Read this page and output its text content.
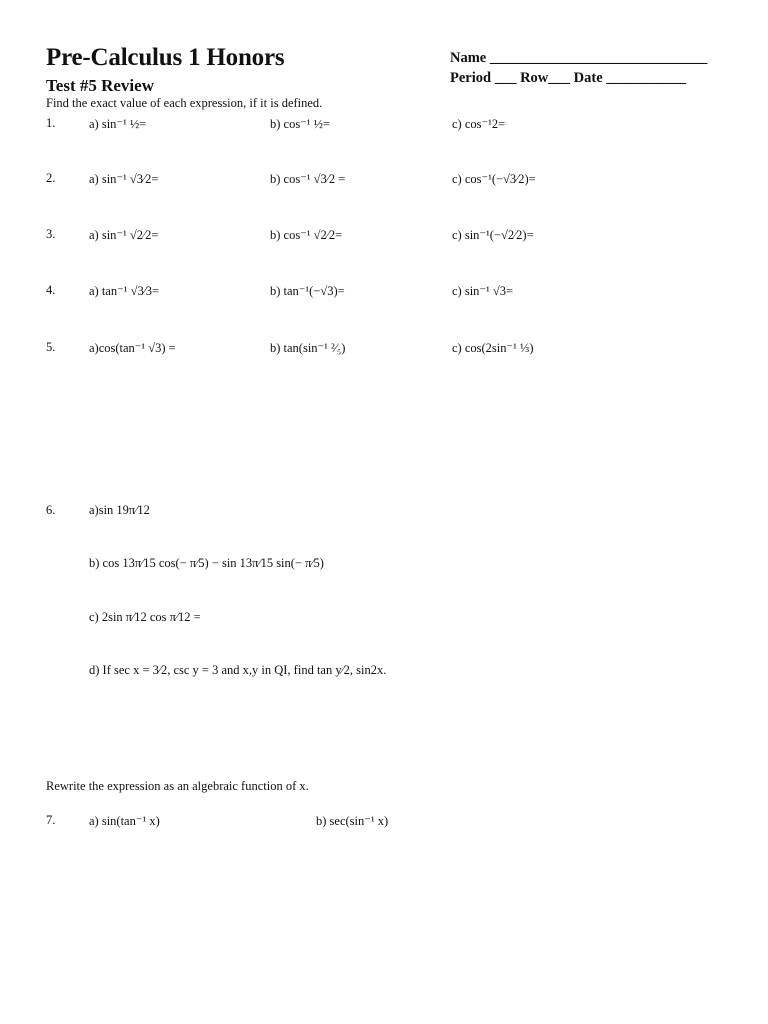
Pre-Calculus 1 Honors
Test #5 Review
Name ______________________________
Period ___ Row___ Date ___________
Find the exact value of each expression, if it is defined.
1.	a) sin⁻¹ ½=	b) cos⁻¹ ½=	c) cos⁻¹2=
2.	a) sin⁻¹ √3⁄2=	b) cos⁻¹ √3⁄2 =	c) cos⁻¹(−√3⁄2)=
3.	a) sin⁻¹ √2⁄2=	b) cos⁻¹ √2⁄2=	c) sin⁻¹(−√2⁄2)=
4.	a) tan⁻¹ √3⁄3=	b) tan⁻¹(−√3)=	c) sin⁻¹ √3=
5.	a)cos(tan⁻¹ √3) =	b) tan(sin⁻¹ ²⁄₅)	c) cos(2sin⁻¹ ⅓)
6.	a)sin 19π⁄12
b) cos 13π⁄15 cos(− π⁄5) − sin 13π⁄15 sin(− π⁄5)
c) 2sin π⁄12 cos π⁄12 =
d) If sec x = 3⁄2, csc y = 3 and x,y in QI, find tan y⁄2, sin2x.
Rewrite the expression as an algebraic function of x.
7.	a) sin(tan⁻¹ x)	b) sec(sin⁻¹ x)
